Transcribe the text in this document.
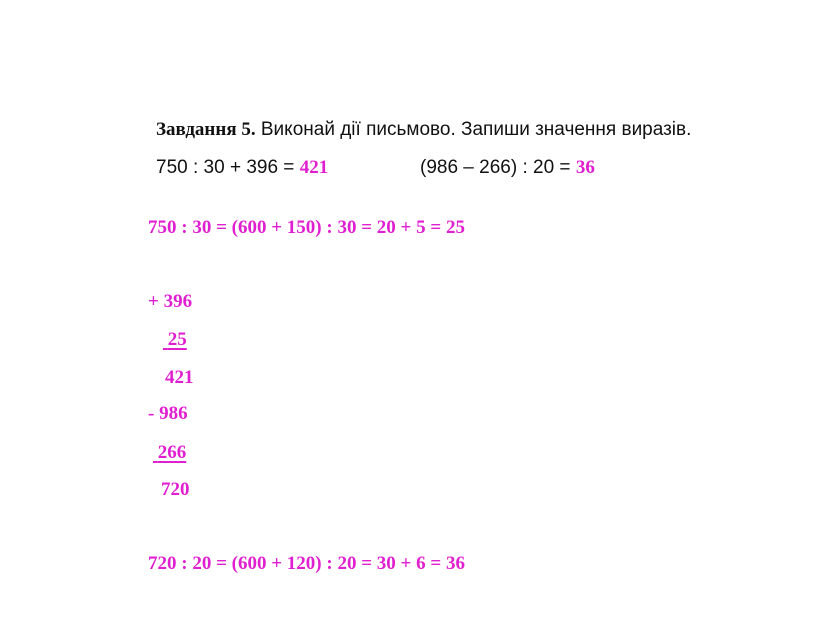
Завдання 5. Виконай дії письмово. Запиши значення виразів.

750 : 30 + 396 = 421	(986 – 266) : 20 = 36

750 : 30 = (600 + 150) : 30 = 20 + 5 = 25
+ 396
25
421
- 986
266
720
720 : 20 = (600 + 120) : 20 = 30 + 6 = 36
